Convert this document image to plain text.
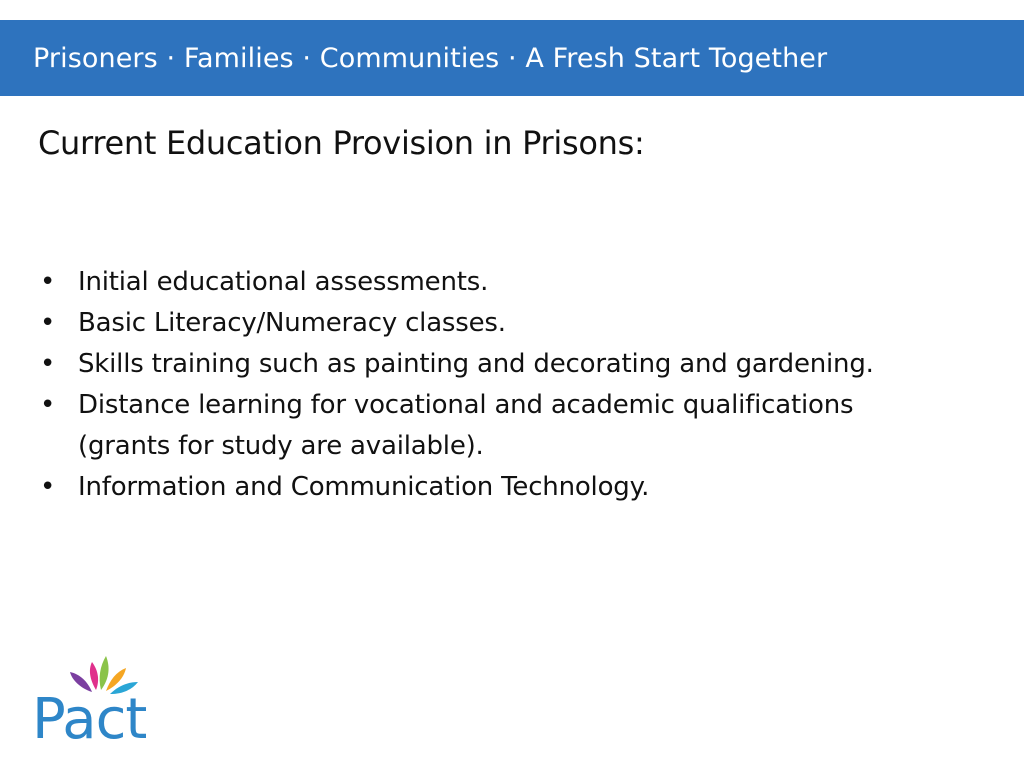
Prisoners · Families · Communities · A Fresh Start Together
Current Education Provision in Prisons:
• Initial educational assessments.
• Basic Literacy/Numeracy classes.
• Skills training such as painting and decorating and gardening.
• Distance learning for vocational and academic qualifications (grants for study are available).
• Information and Communication Technology.
Pact
